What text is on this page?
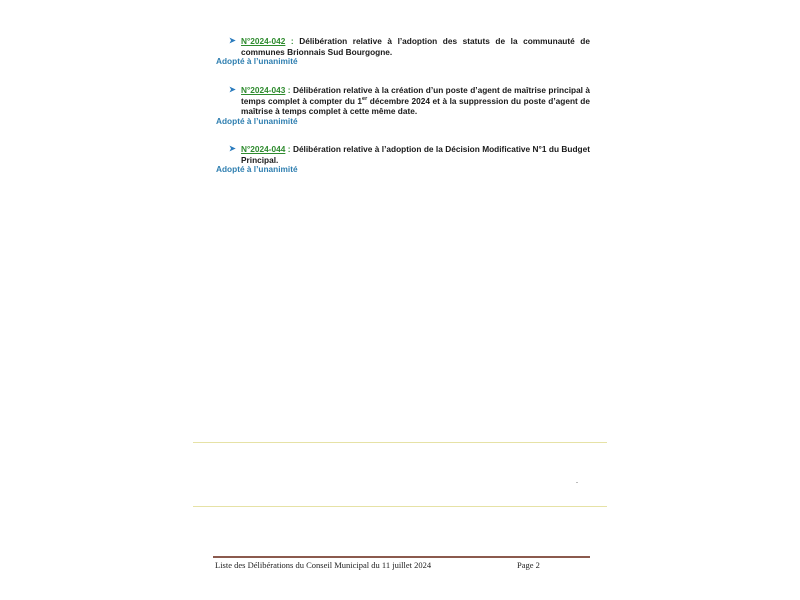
➤ N°2024-042 : Délibération relative à l’adoption des statuts de la communauté de communes Brionnais Sud Bourgogne.
Adopté à l’unanimité
➤ N°2024-043 : Délibération relative à la création d’un poste d’agent de maîtrise principal à temps complet à compter du 1er décembre 2024 et à la suppression du poste d’agent de maîtrise à temps complet à cette même date.
Adopté à l’unanimité
➤ N°2024-044 : Délibération relative à l’adoption de la Décision Modificative N°1 du Budget Principal.
Adopté à l’unanimité
Liste des Délibérations du Conseil Municipal du 11 juillet 2024	Page 2
